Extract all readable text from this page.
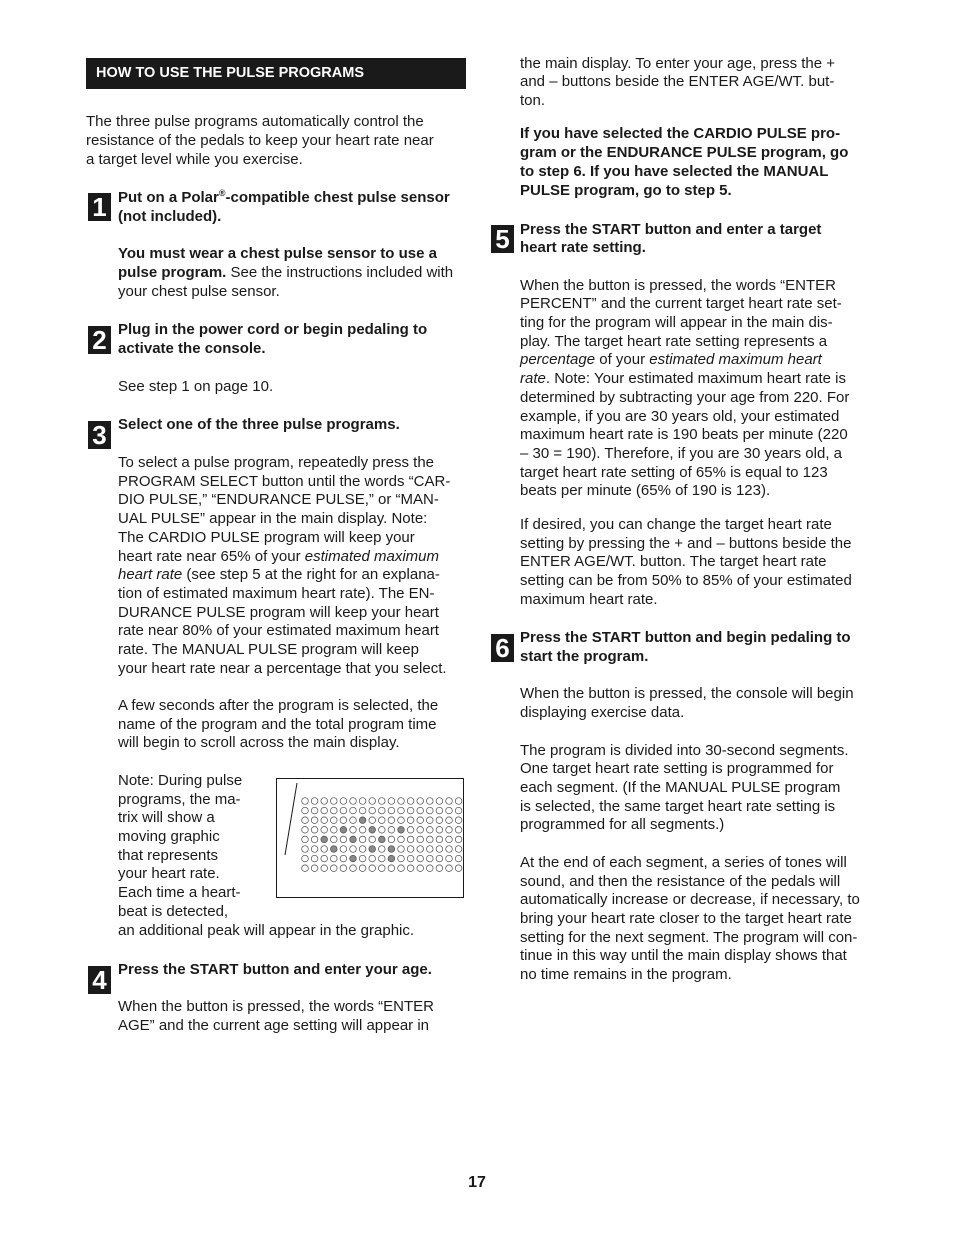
HOW TO USE THE PULSE PROGRAMS

The three pulse programs automatically control the

resistance of the pedals to keep your heart rate near

a target level while you exercise.

1 Put on a Polar®-compatible chest pulse sensor

(not included).

You must wear a chest pulse sensor to use a

pulse program. See the instructions included with

your chest pulse sensor.

2 Plug in the power cord or begin pedaling to

activate the console.

See step 1 on page 10.

3 Select one of the three pulse programs.

To select a pulse program, repeatedly press the

PROGRAM SELECT button until the words “CAR-

DIO PULSE,” “ENDURANCE PULSE,” or “MAN-

UAL PULSE” appear in the main display. Note:

The CARDIO PULSE program will keep your

heart rate near 65% of your estimated maximum

heart rate (see step 5 at the right for an explana-

tion of estimated maximum heart rate). The EN-

DURANCE PULSE program will keep your heart

rate near 80% of your estimated maximum heart

rate. The MANUAL PULSE program will keep

your heart rate near a percentage that you select.

A few seconds after the program is selected, the

name of the program and the total program time

will begin to scroll across the main display.

Note: During pulse

programs, the ma-

trix will show a

moving graphic

that represents

your heart rate.

Each time a heart-

beat is detected,

an additional peak will appear in the graphic.

4 Press the START button and enter your age.

When the button is pressed, the words “ENTER

AGE” and the current age setting will appear in

the main display. To enter your age, press the +

and – buttons beside the ENTER AGE/WT. but-

ton.

If you have selected the CARDIO PULSE pro-

gram or the ENDURANCE PULSE program, go

to step 6. If you have selected the MANUAL

PULSE program, go to step 5.

5 Press the START button and enter a target

heart rate setting.

When the button is pressed, the words “ENTER

PERCENT” and the current target heart rate set-

ting for the program will appear in the main dis-

play. The target heart rate setting represents a

percentage of your estimated maximum heart

rate. Note: Your estimated maximum heart rate is

determined by subtracting your age from 220. For

example, if you are 30 years old, your estimated

maximum heart rate is 190 beats per minute (220

– 30 = 190). Therefore, if you are 30 years old, a

target heart rate setting of 65% is equal to 123

beats per minute (65% of 190 is 123).

If desired, you can change the target heart rate

setting by pressing the + and – buttons beside the

ENTER AGE/WT. button. The target heart rate

setting can be from 50% to 85% of your estimated

maximum heart rate.

6 Press the START button and begin pedaling to

start the program.

When the button is pressed, the console will begin

displaying exercise data.

The program is divided into 30-second segments.

One target heart rate setting is programmed for

each segment. (If the MANUAL PULSE program

is selected, the same target heart rate setting is

programmed for all segments.)

At the end of each segment, a series of tones will

sound, and then the resistance of the pedals will

automatically increase or decrease, if necessary, to

bring your heart rate closer to the target heart rate

setting for the next segment. The program will con-

tinue in this way until the main display shows that

no time remains in the program.

17
